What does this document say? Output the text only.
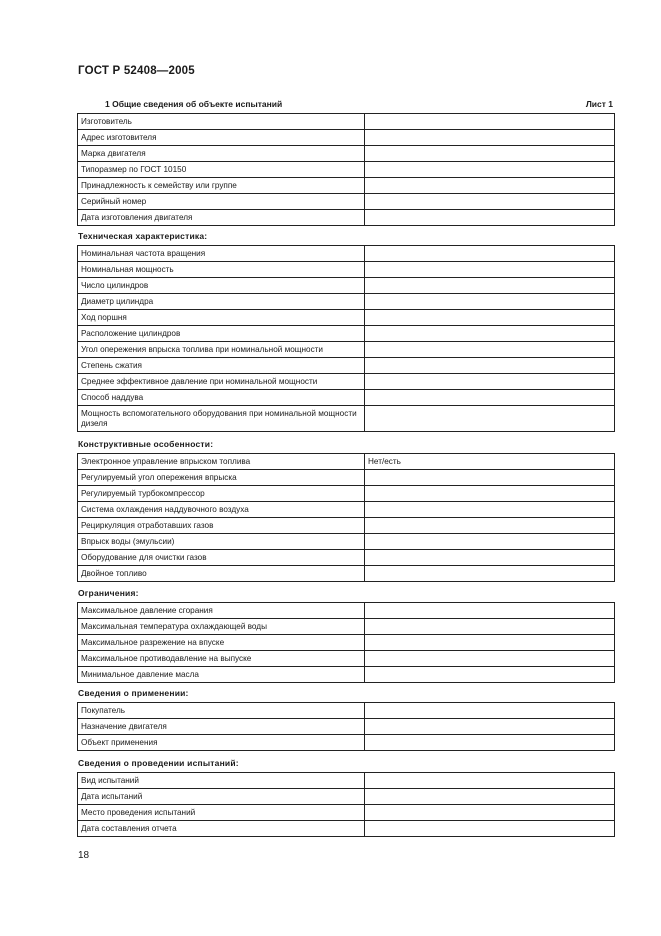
ГОСТ Р 52408—2005
1 Общие сведения об объекте испытаний	Лист 1
Изготовитель	
Адрес изготовителя	
Марка двигателя	
Типоразмер по ГОСТ 10150	
Принадлежность к семейству или группе	
Серийный номер	
Дата изготовления двигателя	
Техническая характеристика:
Номинальная частота вращения	
Номинальная мощность	
Число цилиндров	
Диаметр цилиндра	
Ход поршня	
Расположение цилиндров	
Угол опережения впрыска топлива при номинальной мощности	
Степень сжатия	
Среднее эффективное давление при номинальной мощности	
Способ наддува	
Мощность вспомогательного оборудования при номинальной мощности дизеля	
Конструктивные особенности:
Электронное управление впрыском топлива	Нет/есть
Регулируемый угол опережения впрыска	
Регулируемый турбокомпрессор	
Система охлаждения наддувочного воздуха	
Рециркуляция отработавших газов	
Впрыск воды (эмульсии)	
Оборудование для очистки газов	
Двойное топливо	
Ограничения:
Максимальное давление сгорания	
Максимальная температура охлаждающей воды	
Максимальное разрежение на впуске	
Максимальное противодавление на выпуске	
Минимальное давление масла	
Сведения о применении:
Покупатель	
Назначение двигателя	
Объект применения	
Сведения о проведении испытаний:
Вид испытаний	
Дата испытаний	
Место проведения испытаний	
Дата составления отчета	
18
